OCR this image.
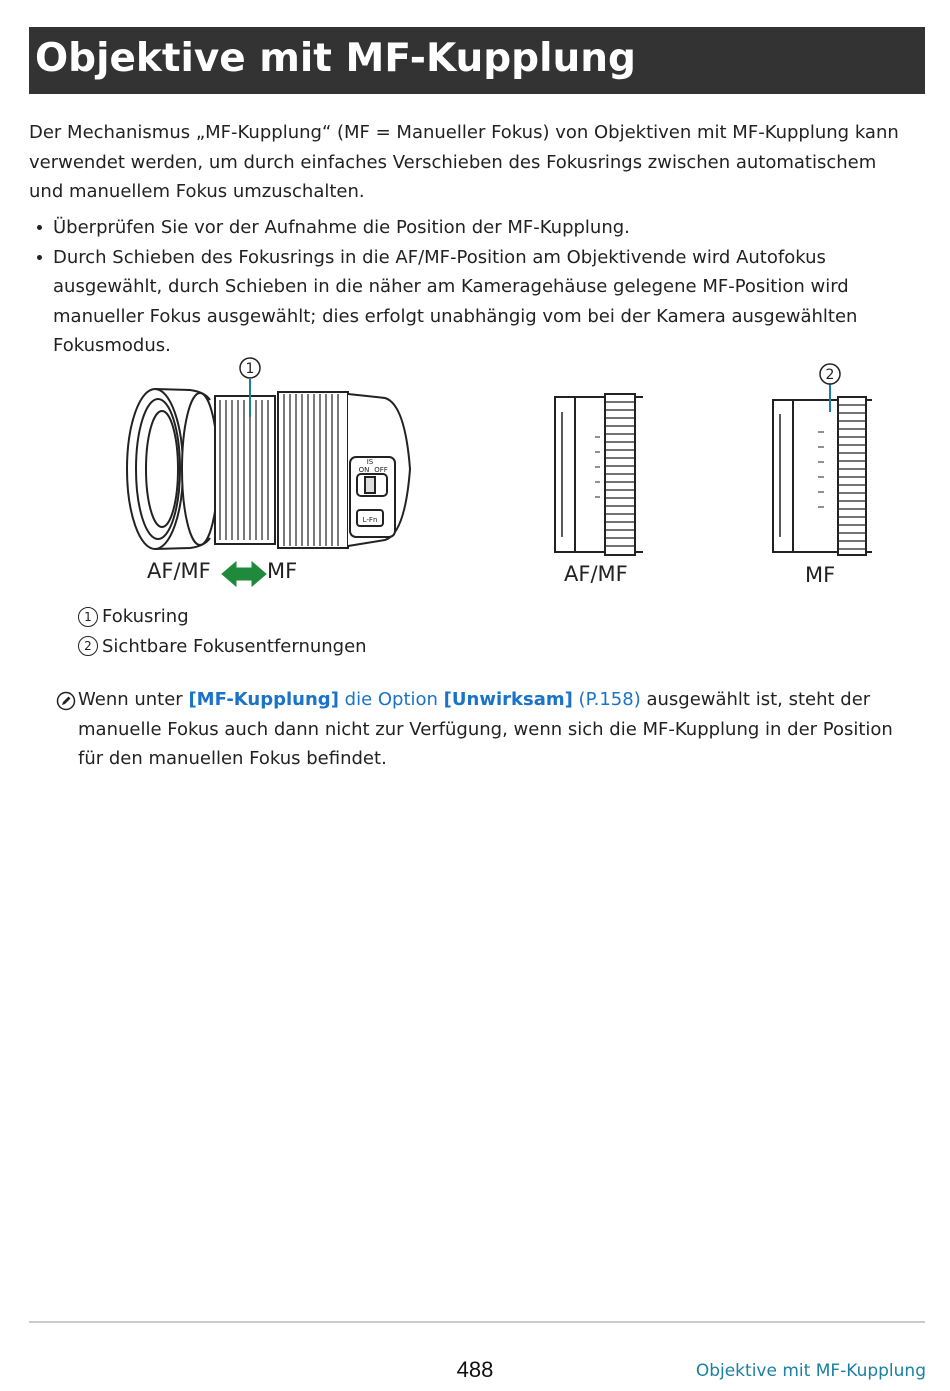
Objektive mit MF-Kupplung
Der Mechanismus „MF-Kupplung“ (MF = Manueller Fokus) von Objektiven mit MF-Kupplung kann verwendet werden, um durch einfaches Verschieben des Fokusrings zwischen automatischem und manuellem Fokus umzuschalten.
Überprüfen Sie vor der Aufnahme die Position der MF-Kupplung.
Durch Schieben des Fokusrings in die AF/MF-Position am Objektivende wird Autofokus ausgewählt, durch Schieben in die näher am Kameragehäuse gelegene MF-Position wird manueller Fokus ausgewählt; dies erfolgt unabhängig vom bei der Kamera ausgewählten Fokusmodus.
IS
ON OFF
L-Fn
1	2
AF/MF	MF	AF/MF	MF
1 Fokusring
2 Sichtbare Fokusentfernungen
Wenn unter [MF-Kupplung] die Option [Unwirksam] (P.158) ausgewählt ist, steht der manuelle Fokus auch dann nicht zur Verfügung, wenn sich die MF-Kupplung in der Position für den manuellen Fokus befindet.
488	Objektive mit MF-Kupplung
